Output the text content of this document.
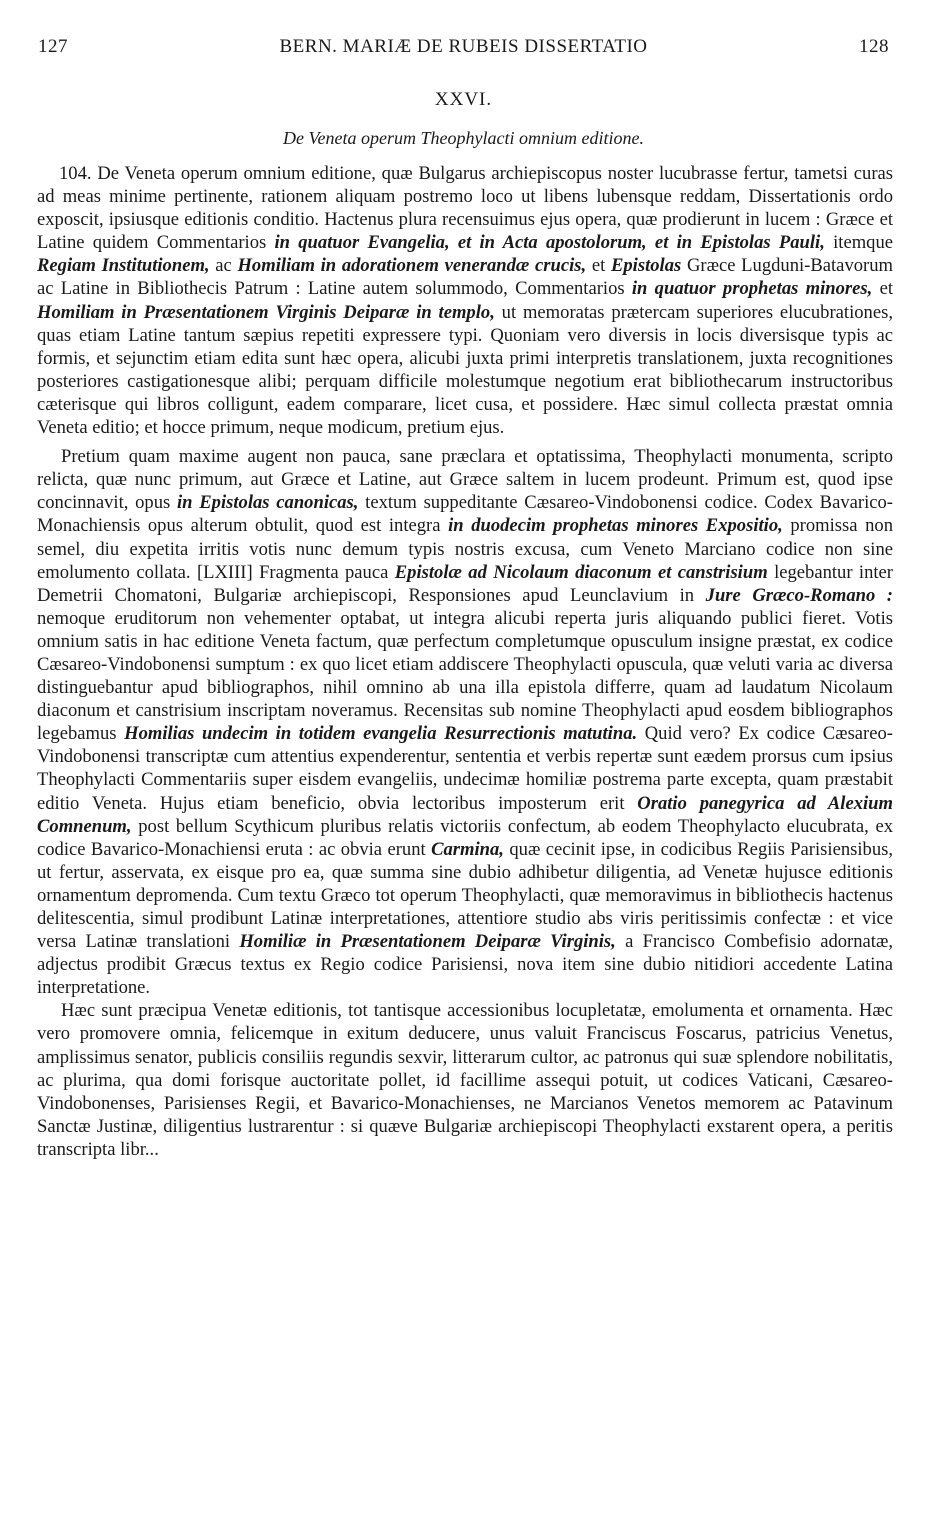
127	BERN. MARIÆ DE RUBEIS DISSERTATIO	128
XXVI.
De Veneta operum Theophylacti omnium editione.

104. De Veneta operum omnium editione, quæ Bulgarus archiepiscopus noster lucubrasse fertur, tametsi curas ad meas minime pertinente, rationem aliquam postremo loco ut libens lubensque reddam, Dissertationis ordo exposcit, ipsiusque editionis conditio. Hactenus plura recensuimus ejus opera, quæ prodierunt in lucem : Græce et Latine quidem Commentarios in quatuor Evangelia, et in Acta apostolorum, et in Epistolas Pauli, itemque Regiam Institutionem, ac Homiliam in adorationem venerandæ crucis, et Epistolas Græce Lugduni-Batavorum ac Latine in Bibliothecis Patrum : Latine autem solummodo, Commentarios in quatuor prophetas minores, et Homiliam in Præsentationem Virginis Deiparæ in templo, ut memoratas prætercam superiores elucubrationes, quas etiam Latine tantum sæpius repetiti expressere typi. Quoniam vero diversis in locis diversisque typis ac formis, et sejunctim etiam edita sunt hæc opera, alicubi juxta primi interpretis translationem, juxta recognitiones posteriores castigationesque alibi; perquam difficile molestumque negotium erat bibliothecarum instructoribus cæterisque qui libros colligunt, eadem comparare, licet cusa, et possidere. Hæc simul collecta præstat omnia Veneta editio; et hocce primum, neque modicum, pretium ejus.

Pretium quam maxime augent non pauca, sane præclara et optatissima, Theophylacti monumenta, scripto relicta, quæ nunc primum, aut Græce et Latine, aut Græce saltem in lucem prodeunt. Primum est, quod ipse concinnavit, opus in Epistolas canonicas, textum suppeditante Cæsareo-Vindobonensi codice. Codex Bavarico-Monachiensis opus alterum obtulit, quod est integra in duodecim prophetas minores Expositio, promissa non semel, diu expetita irritis votis nunc demum typis nostris excusa, cum Veneto Marciano codice non sine emolumento collata. [LXIII] Fragmenta pauca Epistolæ ad Nicolaum diaconum et canstrisium legebantur inter Demetrii Chomatoni, Bulgariæ archiepiscopi, Responsiones apud Leunclavium in Jure Græco-Romano : nemoque eruditorum non vehementer optabat, ut integra alicubi reperta juris aliquando publici fieret. Votis omnium satis in hac editione Veneta factum, quæ perfectum completumque opusculum insigne præstat, ex codice Cæsareo-Vindobonensi sumptum : ex quo licet etiam addiscere Theophylacti opuscula, quæ veluti varia ac diversa distinguebantur apud bibliographos, nihil omnino ab una illa epistola differre, quam ad laudatum Nicolaum diaconum et canstrisium inscriptam noveramus. Recensitas sub nomine Theophylacti apud eosdem bibliographos legebamus Homilias undecim in totidem evangelia Resurrectionis matutina. Quid vero? Ex codice Cæsareo-Vindobonensi transcriptæ cum attentius expenderentur, sententia et verbis repertæ sunt eædem prorsus cum ipsius Theophylacti Commentariis super eisdem evangeliis, undecimæ homiliæ postrema parte excepta, quam præstabit editio Veneta. Hujus etiam beneficio, obvia lectoribus imposterum erit Oratio panegyrica ad Alexium Comnenum, post bellum Scythicum pluribus relatis victoriis confectum, ab eodem Theophylacto elucubrata, ex codice Bavarico-Monachiensi eruta : ac obvia erunt Carmina, quæ cecinit ipse, in codicibus Regiis Parisiensibus, ut fertur, asservata, ex eisque pro ea, quæ summa sine dubio adhibetur diligentia, ad Venetæ hujusce editionis ornamentum depromenda. Cum textu Græco tot operum Theophylacti, quæ memoravimus in bibliothecis hactenus delitescentia, simul prodibunt Latinæ interpretationes, attentiore studio abs viris peritissimis confectæ : et vice versa Latinæ translationi Homiliæ in Præsentationem Deiparæ Virginis, a Francisco Combefisio adornatæ, adjectus prodibit Græcus textus ex Regio codice Parisiensi, nova item sine dubio nitidiori accedente Latina interpretatione.

Hæc sunt præcipua Venetæ editionis, tot tantisque accessionibus locupletatæ, emolumenta et ornamenta. Hæc vero promovere omnia, felicemque in exitum deducere, unus valuit Franciscus Foscarus, patricius Venetus, amplissimus senator, publicis consiliis regundis sexvir, litterarum cultor, ac patronus qui suæ splendore nobilitatis, ac plurima, qua domi forisque auctoritate pollet, id facillime assequi potuit, ut codices Vaticani, Cæsareo-Vindobonenses, Parisienses Regii, et Bavarico-Monachienses, ne Marcianos Venetos memorem ac Patavinum Sanctæ Justinæ, diligentius lustrarentur : si quæve Bulgariæ archiepiscopi Theophylacti exstarent opera, a peritis transcripta libr...
